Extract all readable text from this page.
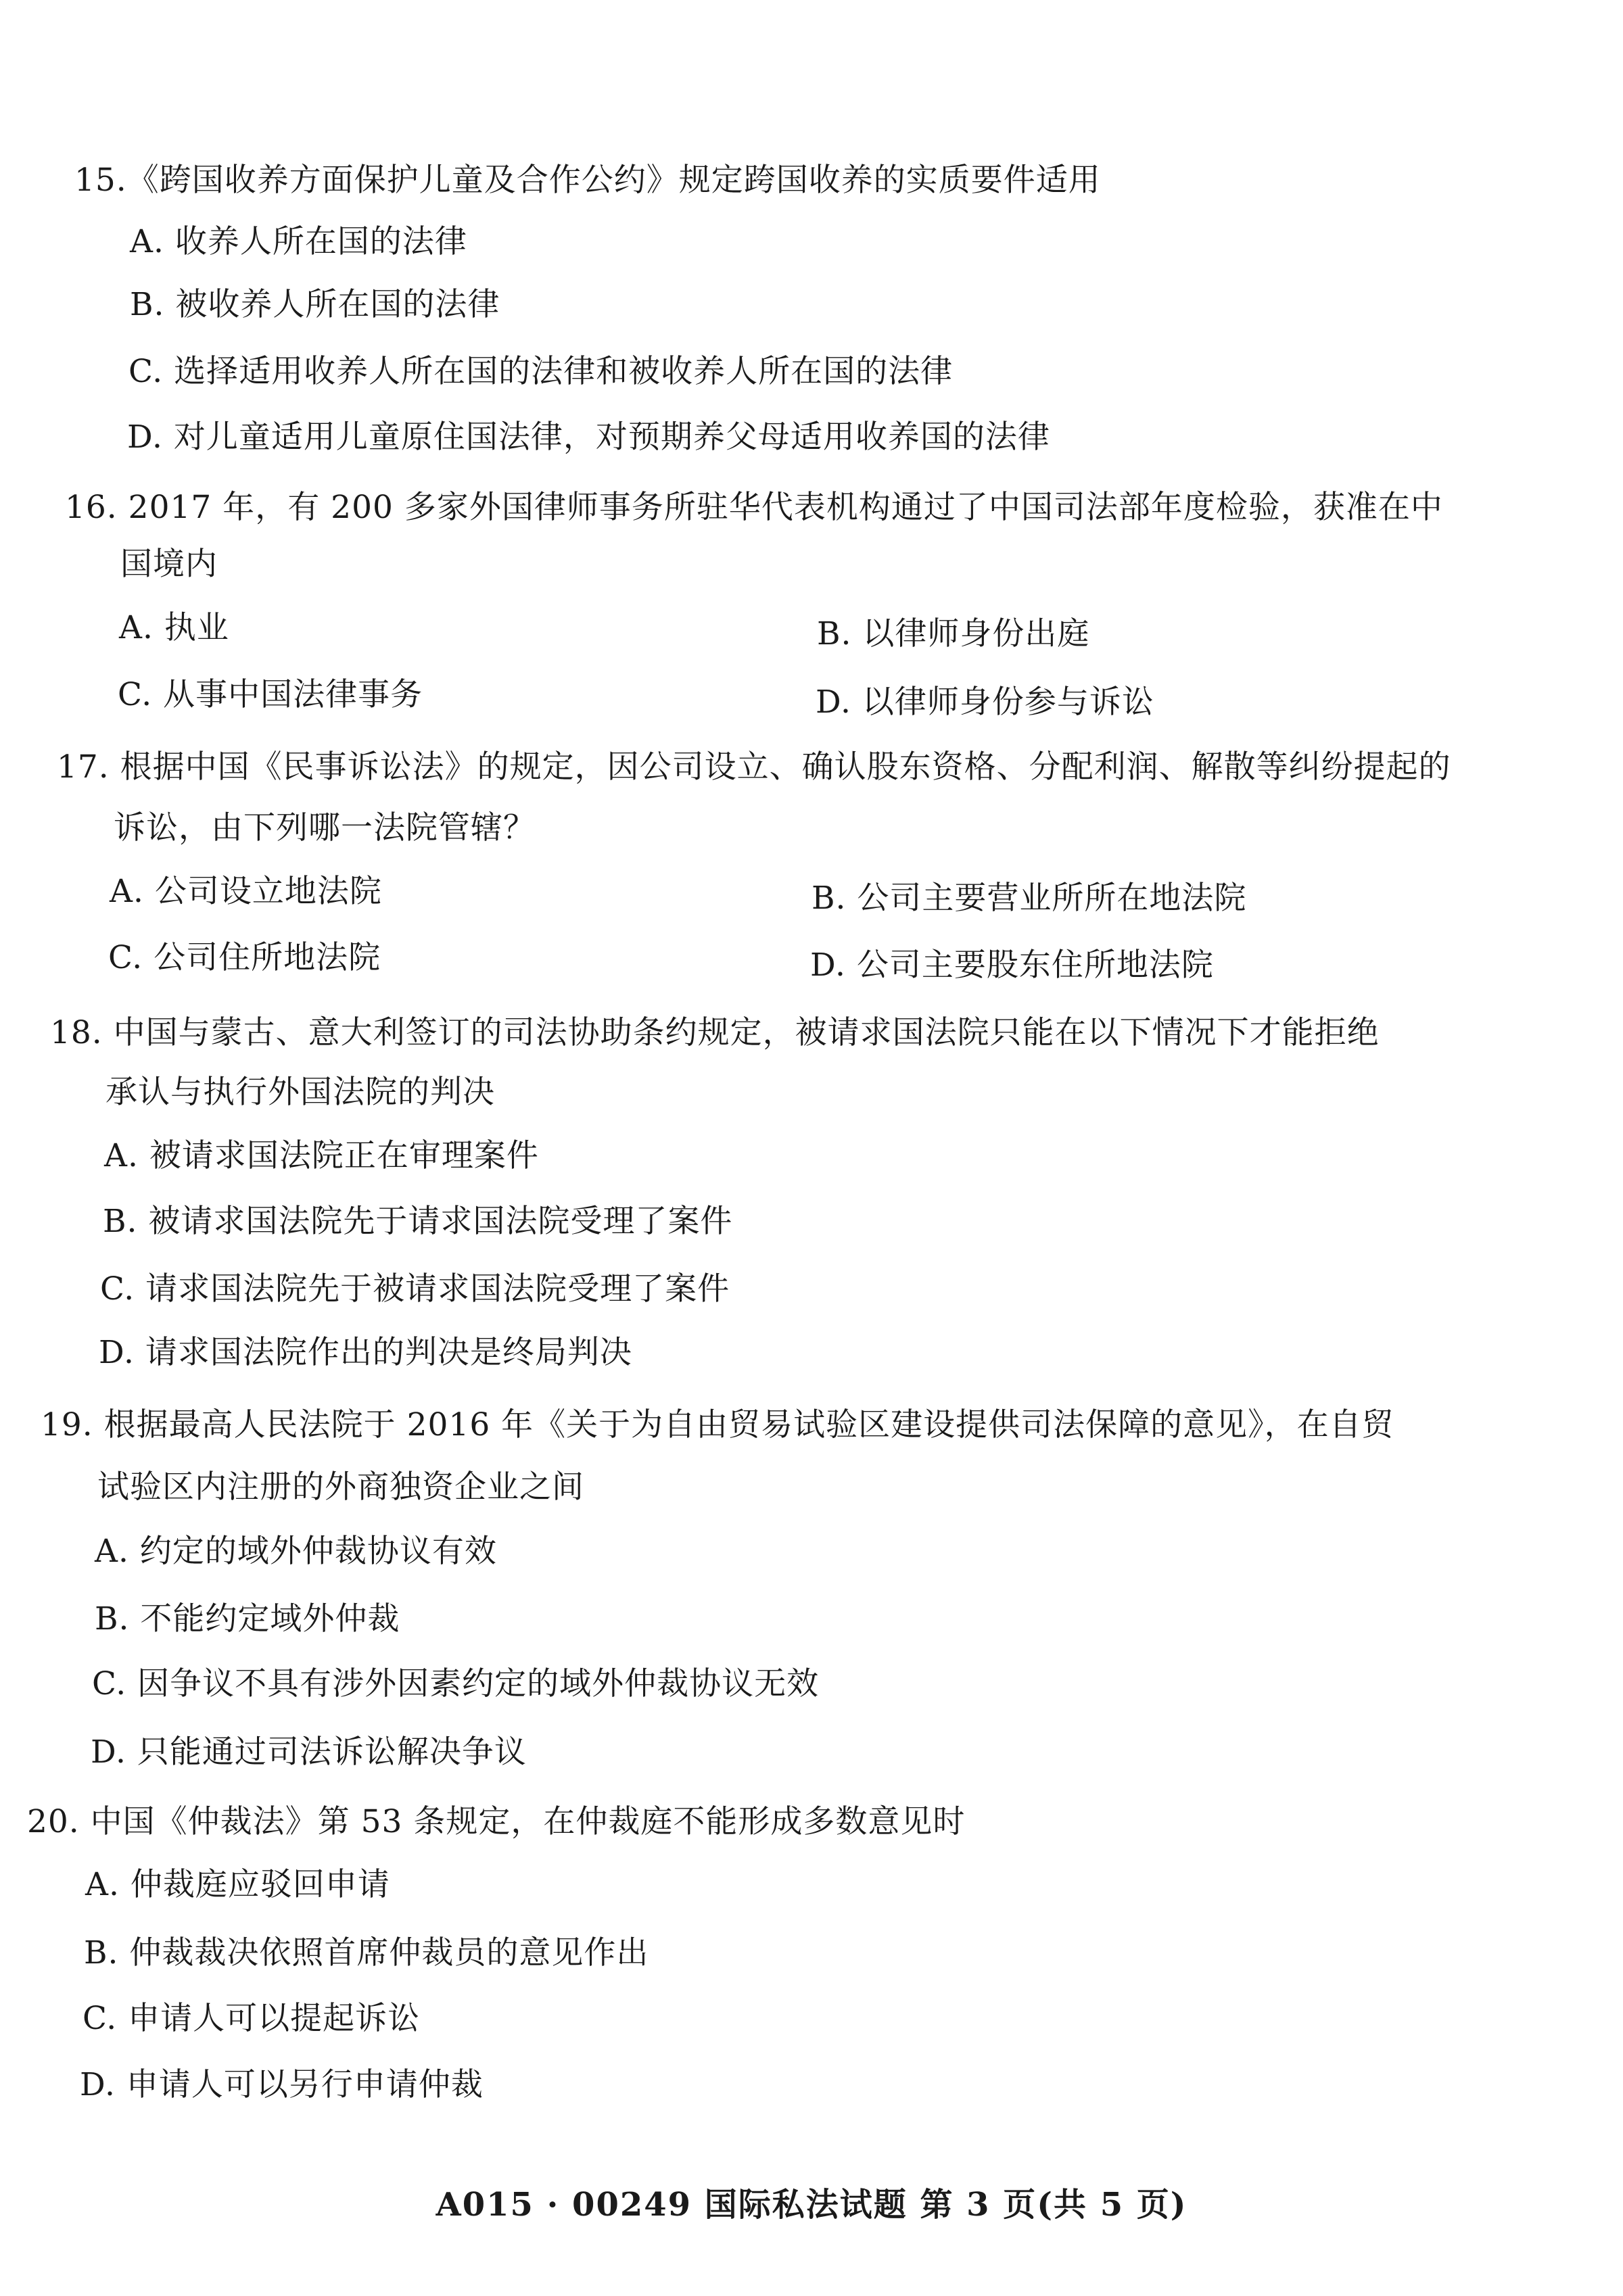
15.《跨国收养方面保护儿童及合作公约》规定跨国收养的实质要件适用
A. 收养人所在国的法律
B. 被收养人所在国的法律
C. 选择适用收养人所在国的法律和被收养人所在国的法律
D. 对儿童适用儿童原住国法律，对预期养父母适用收养国的法律
16. 2017 年，有 200 多家外国律师事务所驻华代表机构通过了中国司法部年度检验，获准在中
国境内
A. 执业	B. 以律师身份出庭
C. 从事中国法律事务	D. 以律师身份参与诉讼
17. 根据中国《民事诉讼法》的规定，因公司设立、确认股东资格、分配利润、解散等纠纷提起的
诉讼，由下列哪一法院管辖？
A. 公司设立地法院	B. 公司主要营业所所在地法院
C. 公司住所地法院	D. 公司主要股东住所地法院
18. 中国与蒙古、意大利签订的司法协助条约规定，被请求国法院只能在以下情况下才能拒绝
承认与执行外国法院的判决
A. 被请求国法院正在审理案件
B. 被请求国法院先于请求国法院受理了案件
C. 请求国法院先于被请求国法院受理了案件
D. 请求国法院作出的判决是终局判决
19. 根据最高人民法院于 2016 年《关于为自由贸易试验区建设提供司法保障的意见》，在自贸
试验区内注册的外商独资企业之间
A. 约定的域外仲裁协议有效
B. 不能约定域外仲裁
C. 因争议不具有涉外因素约定的域外仲裁协议无效
D. 只能通过司法诉讼解决争议
20. 中国《仲裁法》第 53 条规定，在仲裁庭不能形成多数意见时
A. 仲裁庭应驳回申请
B. 仲裁裁决依照首席仲裁员的意见作出
C. 申请人可以提起诉讼
D. 申请人可以另行申请仲裁
A015 · 00249 国际私法试题 第 3 页(共 5 页)
